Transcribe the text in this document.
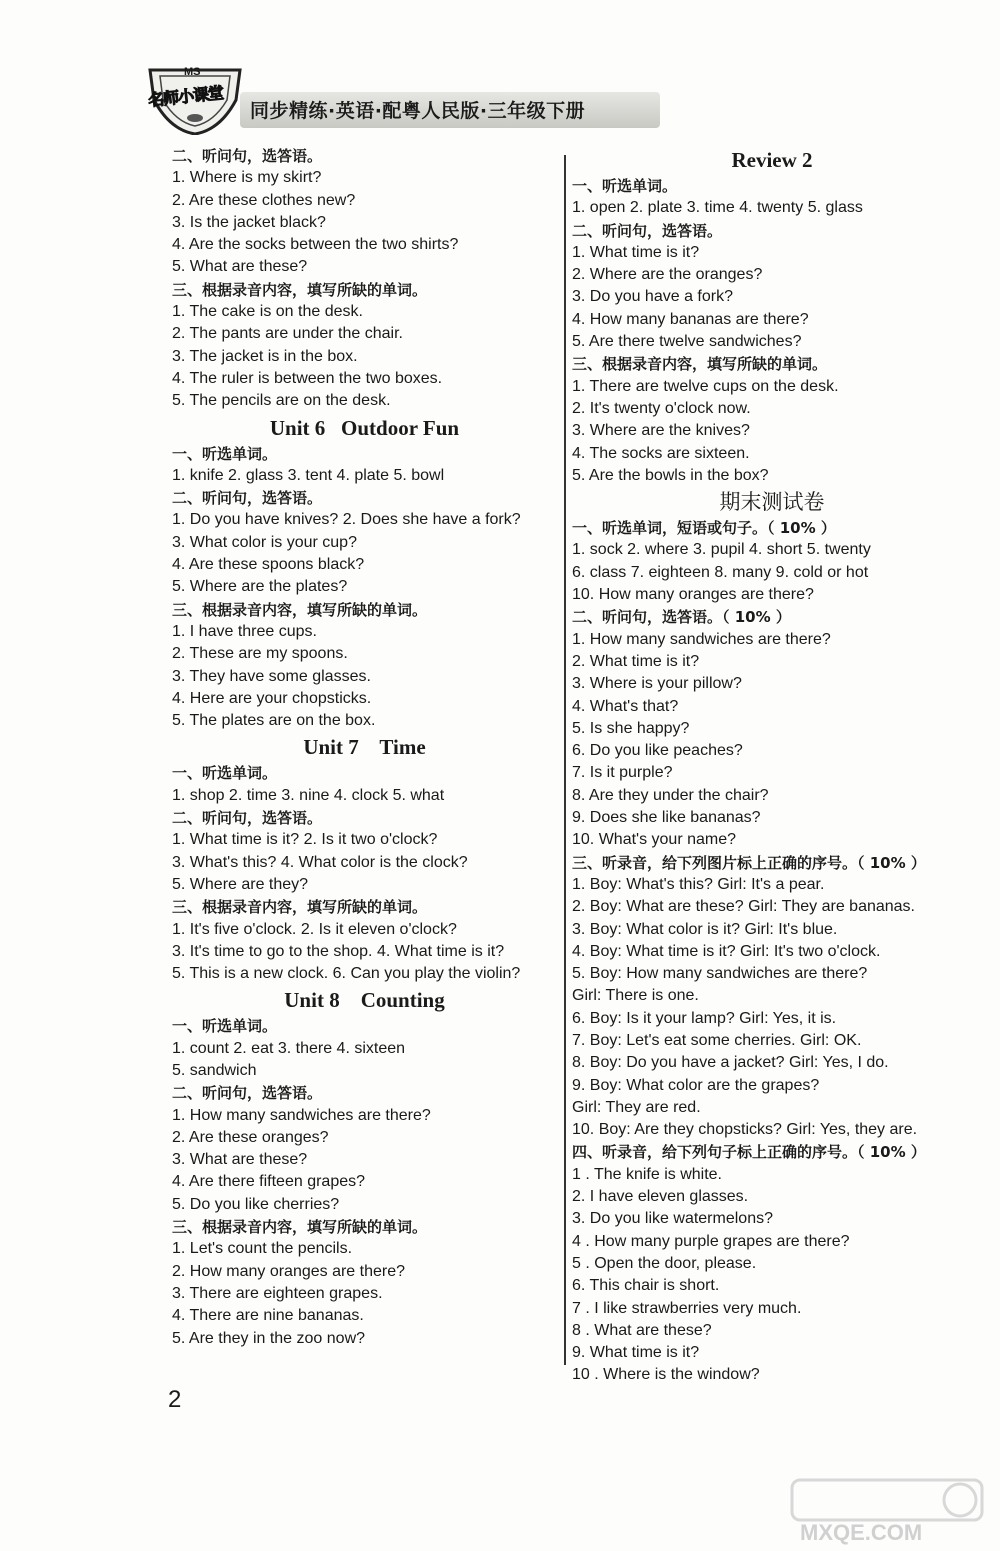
MS
名师小课堂
同步精练·英语·配粤人民版·三年级下册
二、听问句，选答语。
1. Where is my skirt?
2. Are these clothes new?
3. Is the jacket black?
4. Are the socks between the two shirts?
5. What are these?
三、根据录音内容，填写所缺的单词。
1. The cake is on the desk.
2. The pants are under the chair.
3. The jacket is in the box.
4. The ruler is between the two boxes.
5. The pencils are on the desk.
Unit 6   Outdoor Fun
一、听选单词。
1. knife 2. glass 3. tent 4. plate 5. bowl
二、听问句，选答语。
1. Do you have knives? 2. Does she have a fork?
3. What color is your cup?
4. Are these spoons black?
5. Where are the plates?
三、根据录音内容，填写所缺的单词。
1. I have three cups.
2. These are my spoons.
3. They have some glasses.
4. Here are your chopsticks.
5. The plates are on the box.
Unit 7    Time
一、听选单词。
1. shop 2. time 3. nine 4. clock 5. what
二、听问句，选答语。
1. What time is it? 2. Is it two o'clock?
3. What's this? 4. What color is the clock?
5. Where are they?
三、根据录音内容，填写所缺的单词。
1. It's five o'clock. 2. Is it eleven o'clock?
3. It's time to go to the shop. 4. What time is it?
5. This is a new clock. 6. Can you play the violin?
Unit 8    Counting
一、听选单词。
1. count 2. eat 3. there 4. sixteen
5. sandwich
二、听问句，选答语。
1. How many sandwiches are there?
2. Are these oranges?
3. What are these?
4. Are there fifteen grapes?
5. Do you like cherries?
三、根据录音内容，填写所缺的单词。
1. Let's count the pencils.
2. How many oranges are there?
3. There are eighteen grapes.
4. There are nine bananas.
5. Are they in the zoo now?
Review 2
一、听选单词。
1. open 2. plate 3. time 4. twenty 5. glass
二、听问句，选答语。
1. What time is it?
2. Where are the oranges?
3. Do you have a fork?
4. How many bananas are there?
5. Are there twelve sandwiches?
三、根据录音内容，填写所缺的单词。
1. There are twelve cups on the desk.
2. It's twenty o'clock now.
3. Where are the knives?
4. The socks are sixteen.
5. Are the bowls in the box?
期末测试卷
一、听选单词，短语或句子。（ 10% ）
1. sock 2. where 3. pupil 4. short 5. twenty
6. class 7. eighteen 8. many 9. cold or hot
10. How many oranges are there?
二、听问句，选答语。（ 10% ）
1. How many sandwiches are there?
2. What time is it?
3. Where is your pillow?
4. What's that?
5. Is she happy?
6. Do you like peaches?
7. Is it purple?
8. Are they under the chair?
9. Does she like bananas?
10. What's your name?
三、听录音，给下列图片标上正确的序号。（ 10% ）
1. Boy: What's this? Girl: It's a pear.
2. Boy: What are these? Girl: They are bananas.
3. Boy: What color is it? Girl: It's blue.
4. Boy: What time is it? Girl: It's two o'clock.
5. Boy: How many sandwiches are there?
Girl: There is one.
6. Boy: Is it your lamp? Girl: Yes, it is.
7. Boy: Let's eat some cherries. Girl: OK.
8. Boy: Do you have a jacket? Girl: Yes, I do.
9. Boy: What color are the grapes?
Girl: They are red.
10. Boy: Are they chopsticks? Girl: Yes, they are.
四、听录音，给下列句子标上正确的序号。（ 10% ）
1 . The knife is white.
2. I have eleven glasses.
3. Do you like watermelons?
4 . How many purple grapes are there?
5 . Open the door, please.
6. This chair is short.
7 . I like strawberries very much.
8 . What are these?
9. What time is it?
10 . Where is the window?
2
MXQE.COM
